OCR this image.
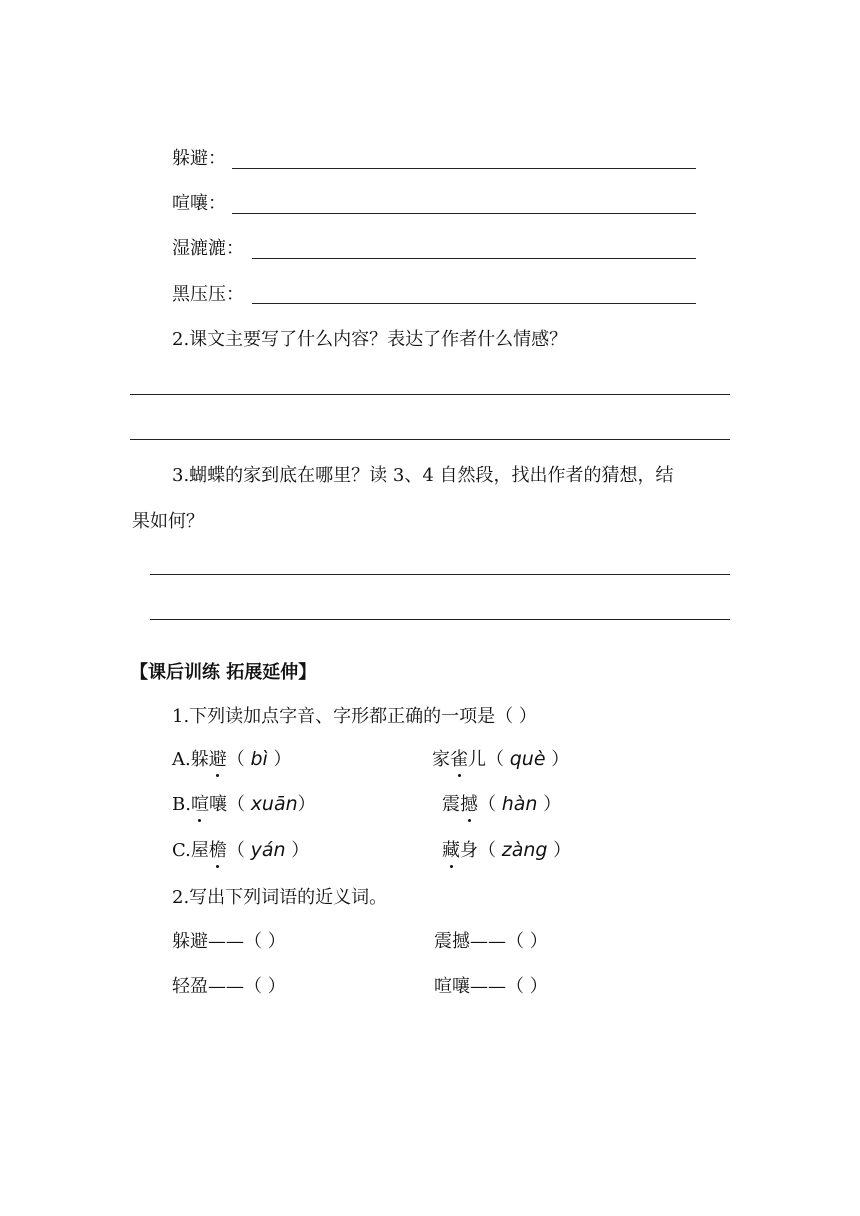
躲避：
喧嚷：
湿漉漉：
黑压压：
2.课文主要写了什么内容？表达了作者什么情感？
3.蝴蝶的家到底在哪里？读 3、4 自然段，找出作者的猜想，结
果如何？
【课后训练 拓展延伸】
1.下列读加点字音、字形都正确的一项是（ ）
A.躲避（ bì ）	家雀儿（ què ）
B.喧嚷（ xuān）	震撼（ hàn ）
C.屋檐（ yán ）	藏身（ zàng ）
2.写出下列词语的近义词。
躲避——（ ）	震撼——（ ）
轻盈——（ ）	喧嚷——（ ）
